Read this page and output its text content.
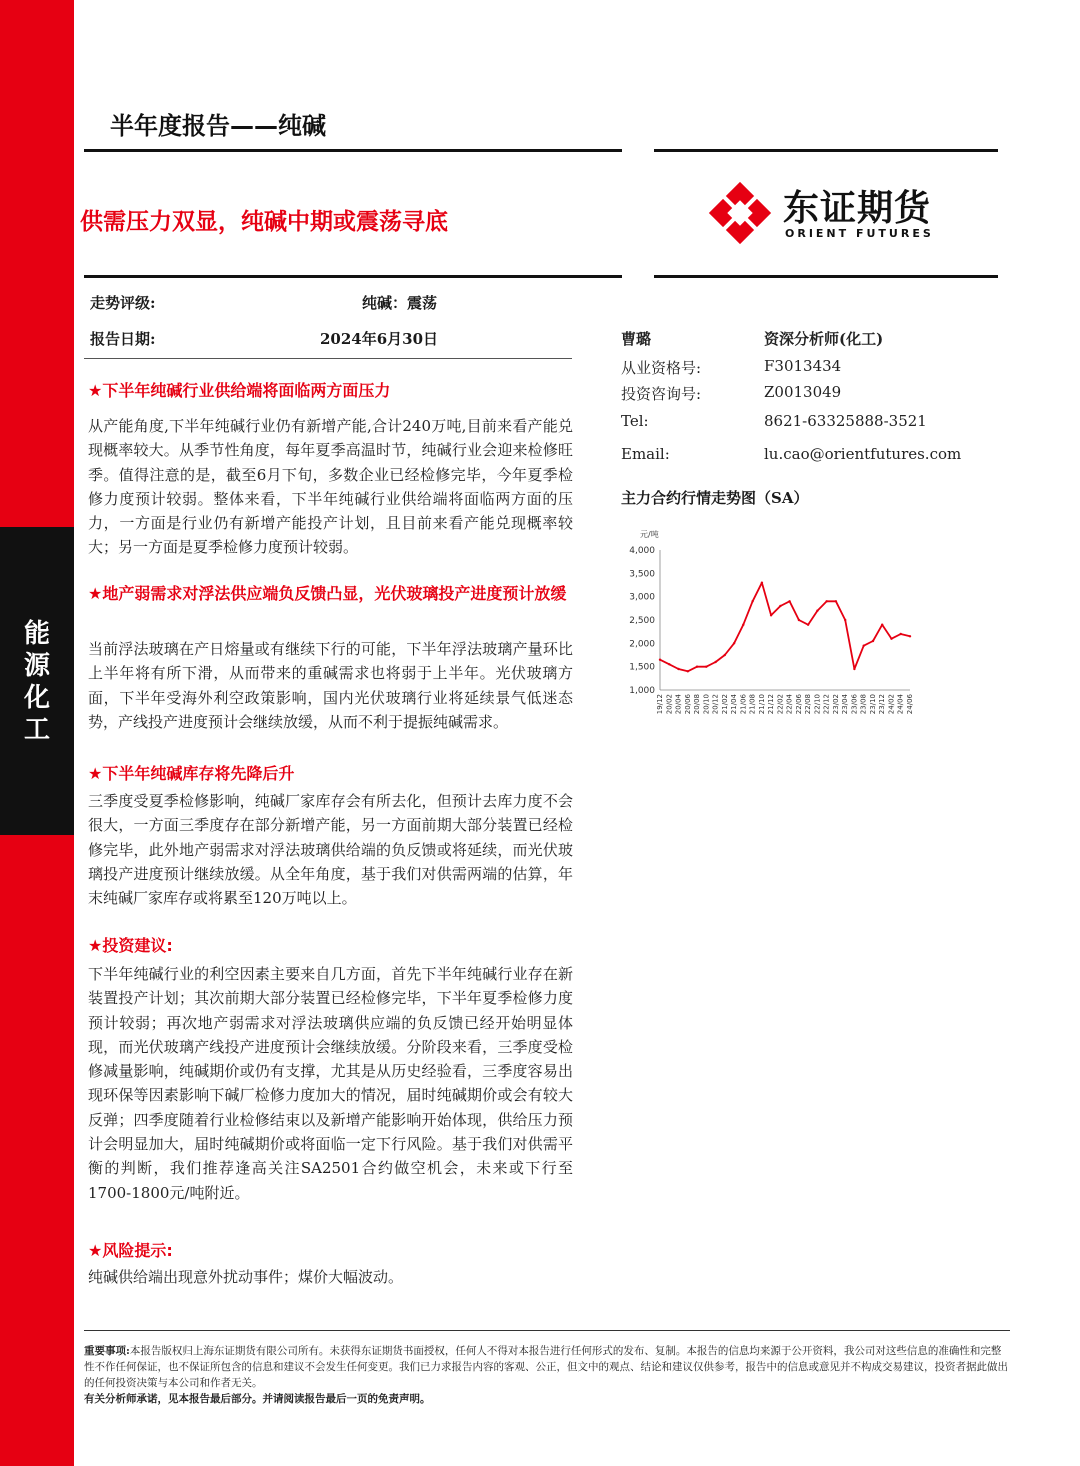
能
源
化
工
半年度报告——纯碱
供需压力双显，纯碱中期或震荡寻底	东证期货
ORIENT FUTURES
走势评级:	纯碱：震荡
报告日期:	2024年6月30日
★下半年纯碱行业供给端将面临两方面压力
从产能角度,下半年纯碱行业仍有新增产能,合计240万吨,目前来看产能兑现概率较大。从季节性角度，每年夏季高温时节，纯碱行业会迎来检修旺季。值得注意的是，截至6月下旬，多数企业已经检修完毕，今年夏季检修力度预计较弱。整体来看，下半年纯碱行业供给端将面临两方面的压力，一方面是行业仍有新增产能投产计划，且目前来看产能兑现概率较大；另一方面是夏季检修力度预计较弱。
★地产弱需求对浮法供应端负反馈凸显，光伏玻璃投产进度预计放缓
当前浮法玻璃在产日熔量或有继续下行的可能，下半年浮法玻璃产量环比上半年将有所下滑，从而带来的重碱需求也将弱于上半年。光伏玻璃方面，下半年受海外利空政策影响，国内光伏玻璃行业将延续景气低迷态势，产线投产进度预计会继续放缓，从而不利于提振纯碱需求。
★下半年纯碱库存将先降后升
三季度受夏季检修影响，纯碱厂家库存会有所去化，但预计去库力度不会很大，一方面三季度存在部分新增产能，另一方面前期大部分装置已经检修完毕，此外地产弱需求对浮法玻璃供给端的负反馈或将延续，而光伏玻璃投产进度预计继续放缓。从全年角度，基于我们对供需两端的估算，年末纯碱厂家库存或将累至120万吨以上。
★投资建议:
下半年纯碱行业的利空因素主要来自几方面，首先下半年纯碱行业存在新装置投产计划；其次前期大部分装置已经检修完毕，下半年夏季检修力度预计较弱；再次地产弱需求对浮法玻璃供应端的负反馈已经开始明显体现，而光伏玻璃产线投产进度预计会继续放缓。分阶段来看，三季度受检修减量影响，纯碱期价或仍有支撑，尤其是从历史经验看，三季度容易出现环保等因素影响下碱厂检修力度加大的情况，届时纯碱期价或会有较大反弹；四季度随着行业检修结束以及新增产能影响开始体现，供给压力预计会明显加大，届时纯碱期价或将面临一定下行风险。基于我们对供需平衡的判断，我们推荐逢高关注SA2501合约做空机会，未来或下行至1700-1800元/吨附近。
★风险提示:
纯碱供给端出现意外扰动事件；煤价大幅波动。
曹璐	资深分析师(化工)
从业资格号:	F3013434
投资咨询号:	Z0013049
Tel:	8621-63325888-3521
Email:	lu.cao@orientfutures.com
主力合约行情走势图（SA）
元/吨
1,000
1,500
2,000
2,500
3,000
3,500
4,000
19/12 20/02 20/04 20/06 20/08 20/10 20/12 21/02 21/04 21/06 21/08 21/10 21/12 22/02 22/04 22/06 22/08 22/10 22/12 23/02 23/04 23/06 23/08 23/10 23/12 24/02 24/04 24/06
重要事项:本报告版权归上海东证期货有限公司所有。未获得东证期货书面授权，任何人不得对本报告进行任何形式的发布、复制。本报告的信息均来源于公开资料，我公司对这些信息的准确性和完整性不作任何保证，也不保证所包含的信息和建议不会发生任何变更。我们已力求报告内容的客观、公正，但文中的观点、结论和建议仅供参考，报告中的信息或意见并不构成交易建议，投资者据此做出的任何投资决策与本公司和作者无关。
有关分析师承诺，见本报告最后部分。并请阅读报告最后一页的免责声明。
